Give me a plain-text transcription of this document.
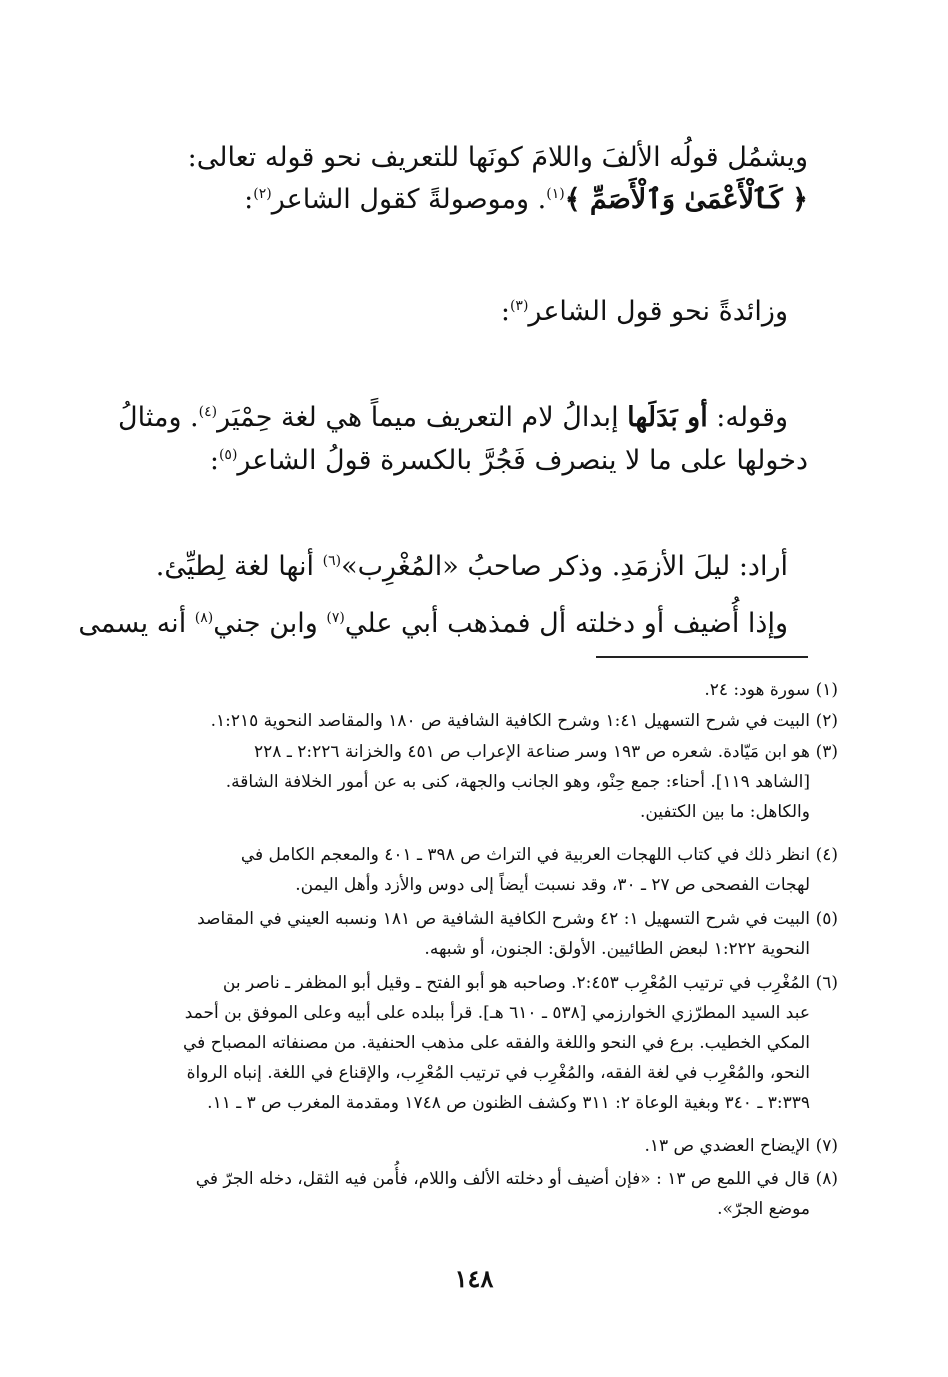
ويشمُل قولُه الألفَ واللامَ كونَها للتعريف نحو قوله تعالى:
﴿ كَٱلْأَعْمَىٰ وَٱلْأَصَمِّ ﴾$^{(١)}$. وموصولةً كقول الشاعر$^{(٢)}$:
وزائدةً نحو قول الشاعر$^{(٣)}$:
وقوله: أو بَدَلَها إبدالُ لام التعريف ميماً هي لغة حِمْيَر$^{(٤)}$. ومثالُ
دخولها على ما لا ينصرف فَجُرَّ بالكسرة قولُ الشاعر$^{(٥)}$:
أراد: ليلَ الأزمَدِ. وذكر صاحبُ «المُغْرِب»$^{(٦)}$ أنها لغة لِطيِّئ.
وإذا أُضيف أو دخلته أل فمذهب أبي علي$^{(٧)}$ وابن جني$^{(٨)}$ أنه يسمى
(١)
سورة هود: ٢٤.
(٢)
البيت في شرح التسهيل ١:٤١ وشرح الكافية الشافية ص ١٨٠ والمقاصد النحوية ١:٢١٥.
(٣)
هو ابن مَيّادة. شعره ص ١٩٣ وسر صناعة الإعراب ص ٤٥١ والخزانة ٢:٢٢٦ ـ ٢٢٨
[الشاهد ١١٩]. أحناء: جمع حِنْو، وهو الجانب والجهة، كنى به عن أمور الخلافة الشاقة.
والكاهل: ما بين الكتفين.
(٤)
انظر ذلك في كتاب اللهجات العربية في التراث ص ٣٩٨ ـ ٤٠١ والمعجم الكامل في
لهجات الفصحى ص ٢٧ ـ ٣٠، وقد نسبت أيضاً إلى دوس والأزد وأهل اليمن.
(٥)
البيت في شرح التسهيل ١: ٤٢ وشرح الكافية الشافية ص ١٨١ ونسبه العيني في المقاصد
النحوية ١:٢٢٢ لبعض الطائيين. الأولق: الجنون، أو شبهه.
(٦)
المُغْرِب في ترتيب المُعْرِب ٢:٤٥٣. وصاحبه هو أبو الفتح ـ وقيل أبو المظفر ـ ناصر بن
عبد السيد المطرّزي الخوارزمي [٥٣٨ ـ ٦١٠ هـ]. قرأ ببلده على أبيه وعلى الموفق بن أحمد
المكي الخطيب. برع في النحو واللغة والفقه على مذهب الحنفية. من مصنفاته المصباح في
النحو، والمُعْرِب في لغة الفقه، والمُغْرِب في ترتيب المُعْرِب، والإقناع في اللغة. إنباه الرواة
٣:٣٣٩ ـ ٣٤٠ وبغية الوعاة ٢: ٣١١ وكشف الظنون ص ١٧٤٨ ومقدمة المغرب ص ٣ ـ ١١.
(٧)
الإيضاح العضدي ص ١٣.
(٨)
قال في اللمع ص ١٣ : «فإن أضيف أو دخلته الألف واللام، فأُمن فيه الثقل، دخله الجرّ في
موضع الجرّ».
١٤٨
